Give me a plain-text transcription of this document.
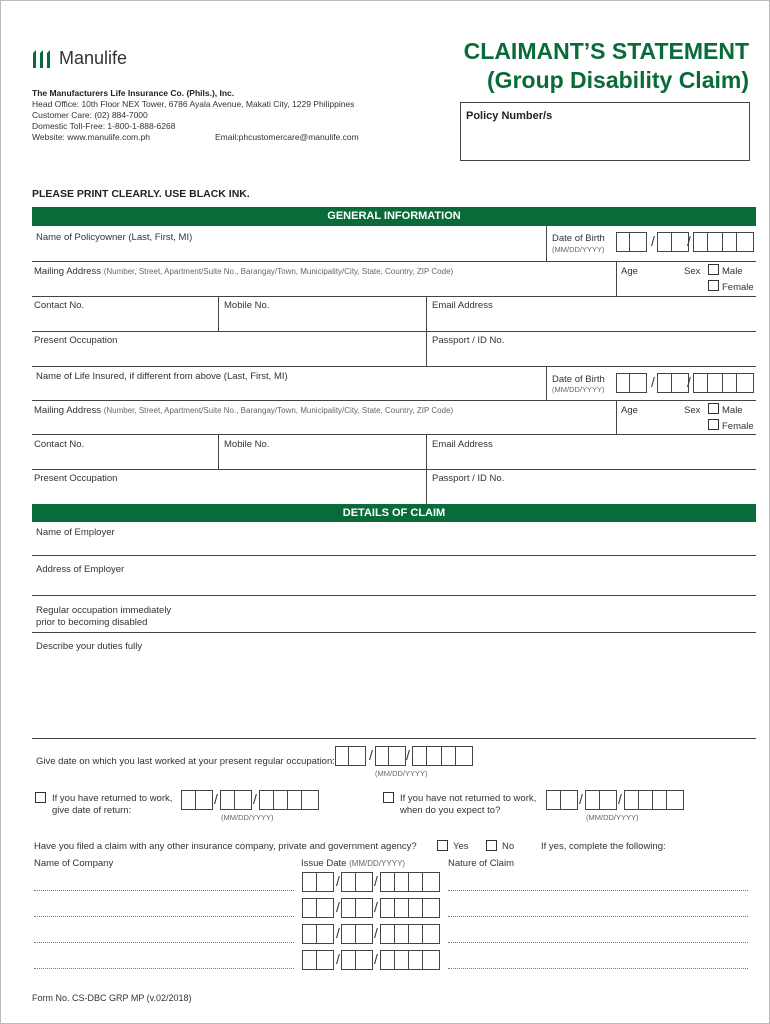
Manulife
The Manufacturers Life Insurance Co. (Phils.), Inc.
Head Office: 10th Floor NEX Tower, 6786 Ayala Avenue, Makati City, 1229 Philippines
Customer Care: (02) 884-7000
Domestic Toll-Free: 1-800-1-888-6268
Website: www.manulife.com.ph	Email:phcustomercare@manulife.com
CLAIMANT’S STATEMENT
(Group Disability Claim)
Policy Number/s
PLEASE PRINT CLEARLY. USE BLACK INK.
GENERAL INFORMATION
Name of Policyowner (Last, First, MI)	Date of Birth
(MM/DD/YYYY)
/ /
Mailing Address (Number, Street, Apartment/Suite No., Barangay/Town, Municipality/City, State, Country, ZIP Code)	Age	Sex Male
Female
Contact No.	Mobile No.	Email Address
Present Occupation	Passport / ID No.
Name of Life Insured, if different from above (Last, First, MI)	Date of Birth
(MM/DD/YYYY)	/ /
Mailing Address (Number, Street, Apartment/Suite No., Barangay/Town, Municipality/City, State, Country, ZIP Code)	Age	Sex Male
Female
Contact No.	Mobile No.	Email Address
Present Occupation	Passport / ID No.
DETAILS OF CLAIM
Name of Employer
Address of Employer
Regular occupation immediately
prior to becoming disabled
Describe your duties fully
Give date on which you last worked at your present regular occupation: / /
(MM/DD/YYYY)
If you have returned to work,
give date of return:
/	/
(MM/DD/YYYY)
If you have not returned to work,
when do you expect to?
/	/
(MM/DD/YYYY)
Have you filed a claim with any other insurance company, private and government agency?	Yes	No	If yes, complete the following:
Name of Company	Issue Date (MM/DD/YYYY)	Nature of Claim
/ /
/ /
/ /
/ /
Form No. CS-DBC GRP MP (v.02/2018)
